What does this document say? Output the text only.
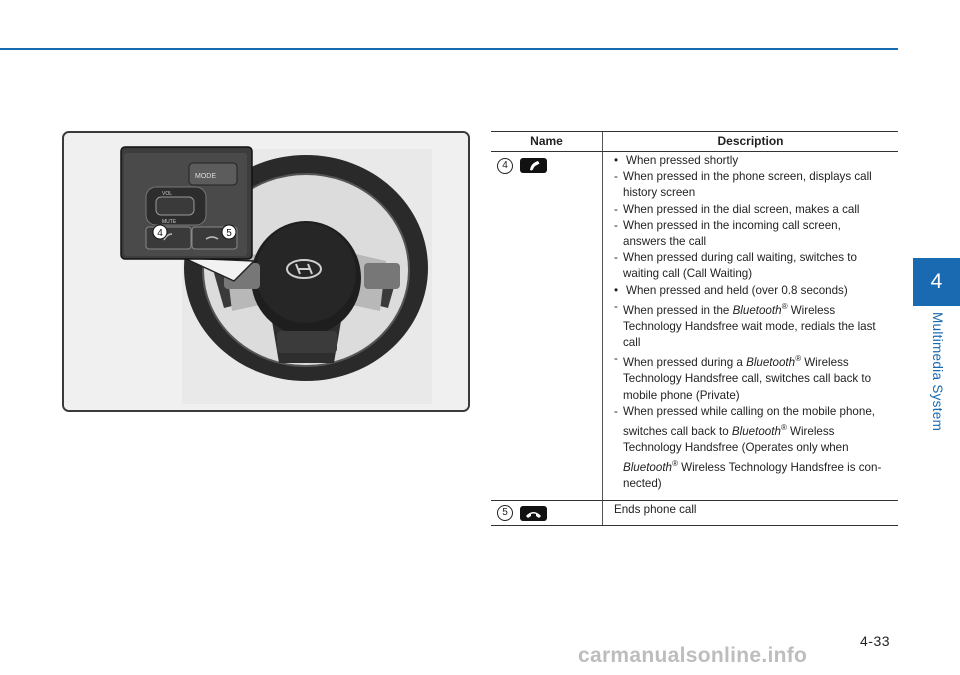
4
Multimedia System
MODE
VOL
MUTE
4	5
Name	Description
4
•	When pressed shortly
- When pressed in the phone screen, displays call
history screen
- When pressed in the dial screen, makes a call
- When pressed in the incoming call screen,
answers the call
- When pressed during call waiting, switches to
waiting call (Call Waiting)
• When pressed and held (over 0.8 seconds)
- When pressed in the Bluetooth® Wireless
Technology Handsfree wait mode, redials the last
call
- When pressed during a Bluetooth® Wireless
Technology Handsfree call, switches call back to
mobile phone (Private)
- When pressed while calling on the mobile phone,
switches call back to Bluetooth® Wireless
Technology Handsfree (Operates only when
Bluetooth® Wireless Technology Handsfree is con-
nected)
5	Ends phone call
4-33
carmanualsonline.info
